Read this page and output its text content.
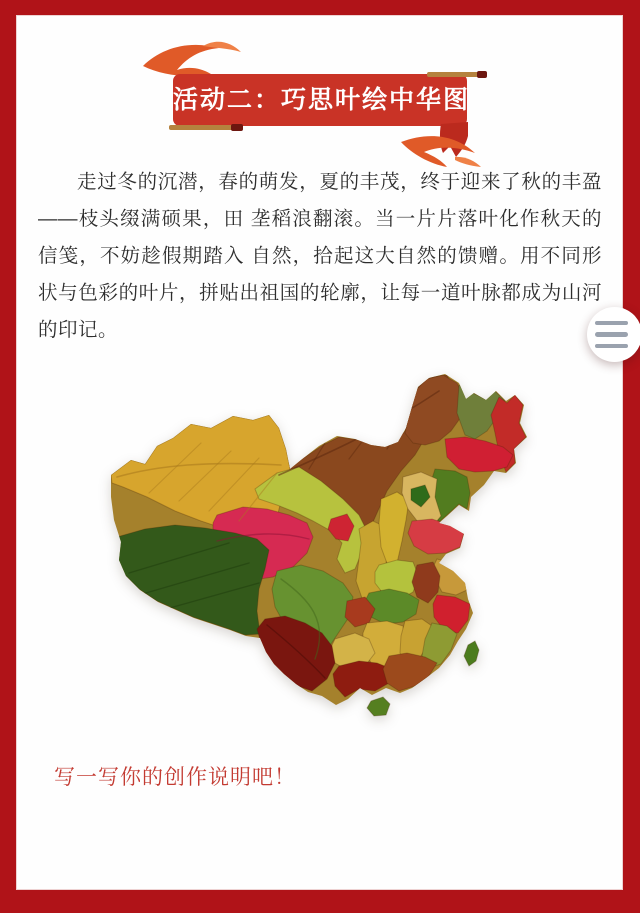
活动二：巧思叶绘中华图

走过冬的沉潜，春的萌发，夏的丰茂，终于迎来了秋的丰盈——枝头缀满硕果，田 垄稻浪翻滚。当一片片落叶化作秋天的信笺，不妨趁假期踏入 自然，拾起这大自然的馈赠。用不同形状与色彩的叶片，拼贴出祖国的轮廓，让每一道叶脉都成为山河的印记。

写一写你的创作说明吧！
